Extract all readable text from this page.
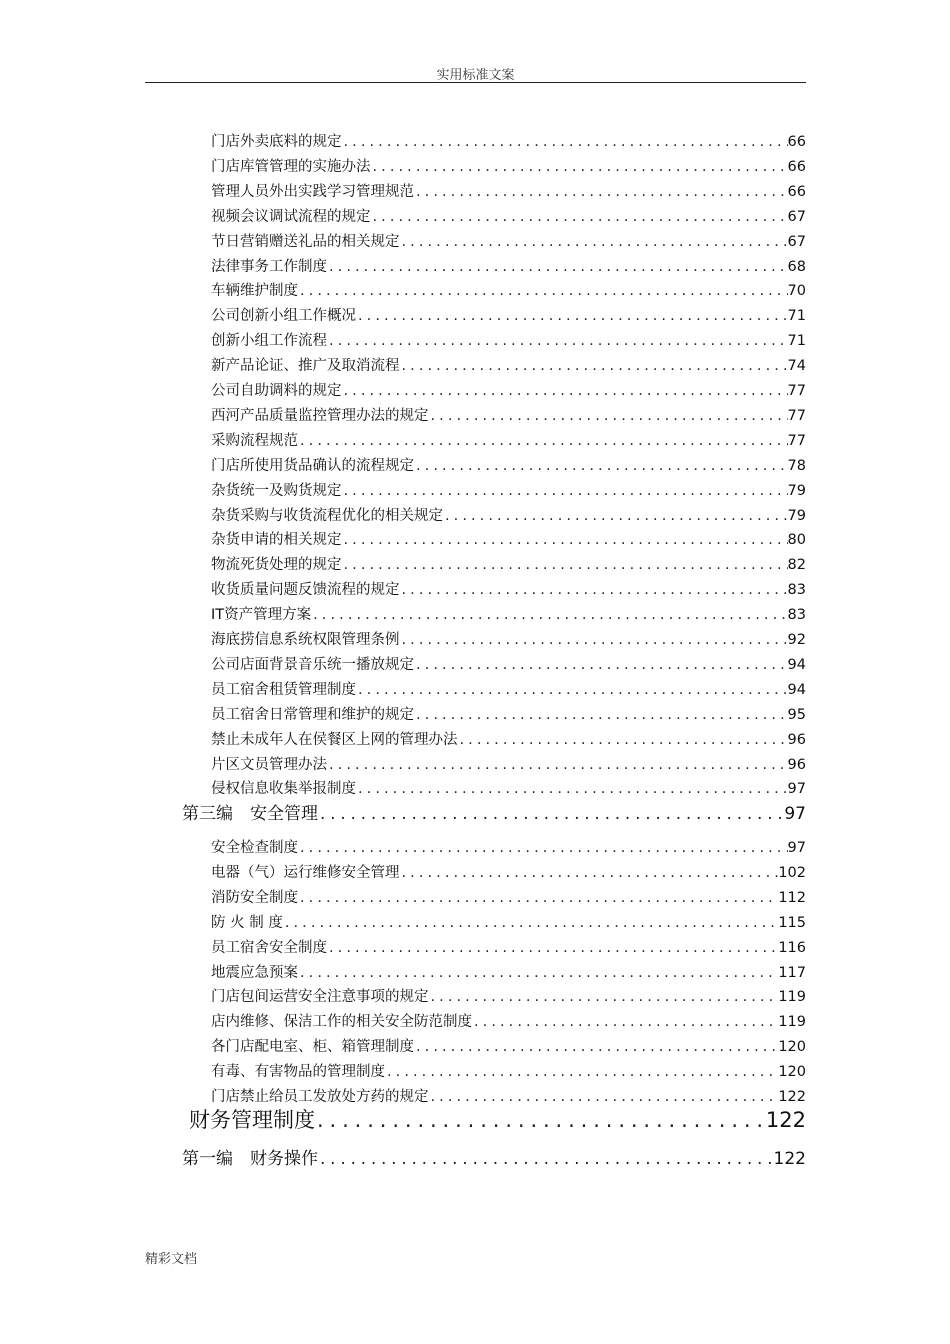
实用标准文案
门店外卖底料的规定 .....	66
门店库管管理的实施办法 .....	66
管理人员外出实践学习管理规范 .....	66
视频会议调试流程的规定 .....	67
节日营销赠送礼品的相关规定 .....	67
法律事务工作制度 .....	68
车辆维护制度 .....	70
公司创新小组工作概况 .....	71
创新小组工作流程 .....	71
新产品论证、推广及取消流程 .....	74
公司自助调料的规定 .....	77
西河产品质量监控管理办法的规定 .....	77
采购流程规范 .....	77
门店所使用货品确认的流程规定 .....	78
杂货统一及购货规定 .....	79
杂货采购与收货流程优化的相关规定 .....	79
杂货申请的相关规定 .....	80
物流死货处理的规定 .....	82
收货质量问题反馈流程的规定 .....	83
IT资产管理方案 .....	83
海底捞信息系统权限管理条例 .....	92
公司店面背景音乐统一播放规定 .....	94
员工宿舍租赁管理制度 .....	94
员工宿舍日常管理和维护的规定 .....	95
禁止未成年人在侯餐区上网的管理办法 .....	96
片区文员管理办法 .....	96
侵权信息收集举报制度 .....	97
第三编　安全管理 .....	97
安全检查制度 .....	97
电器（气）运行维修安全管理 .....	102
消防安全制度 .....	112
防 火 制 度 .....	115
员工宿舍安全制度 .....	116
地震应急预案 .....	117
门店包间运营安全注意事项的规定 .....	119
店内维修、保洁工作的相关安全防范制度 .....	119
各门店配电室、柜、箱管理制度 .....	120
有毒、有害物品的管理制度 .....	120
门店禁止给员工发放处方药的规定 .....	122
财务管理制度 .....	122
第一编　财务操作 .....	122
精彩文档
